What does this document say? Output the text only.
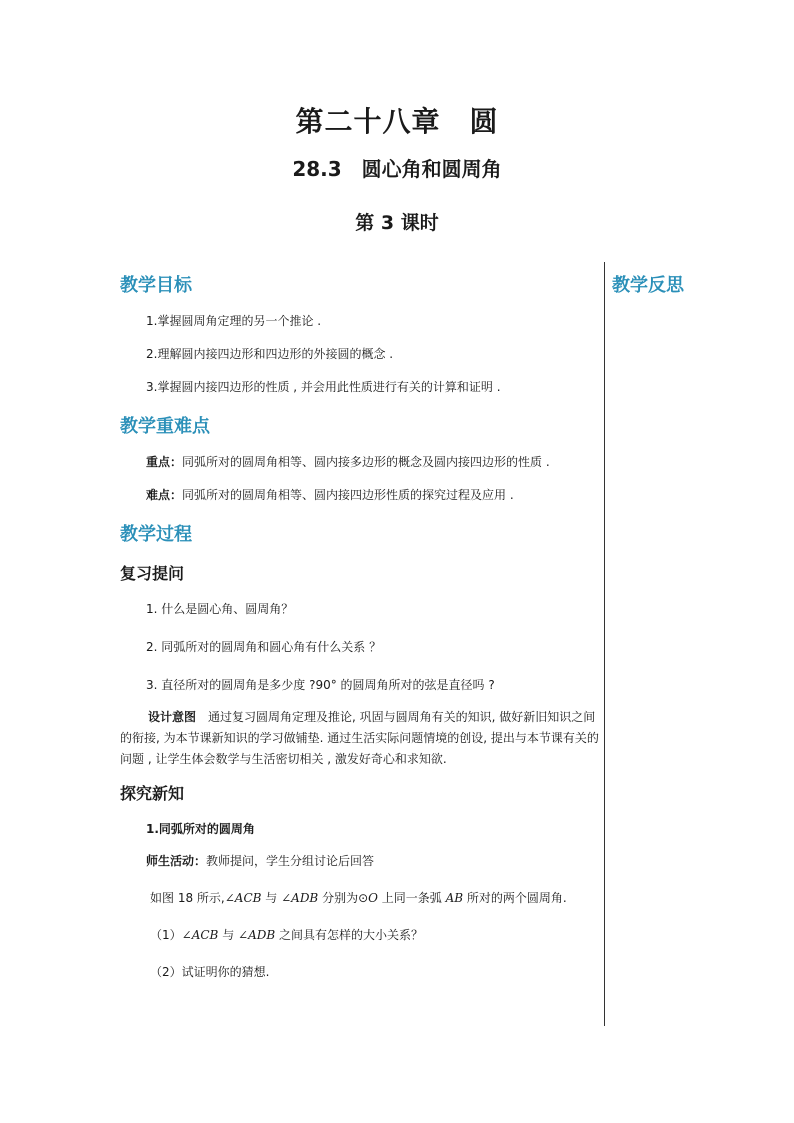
第二十八章　圆
28.3　圆心角和圆周角
第 3 课时
教学反思
教学目标
1.掌握圆周角定理的另一个推论 .
2.理解圆内接四边形和四边形的外接圆的概念 .
3.掌握圆内接四边形的性质 , 并会用此性质进行有关的计算和证明 .
教学重难点
重点：同弧所对的圆周角相等、圆内接多边形的概念及圆内接四边形的性质 .
难点：同弧所对的圆周角相等、圆内接四边形性质的探究过程及应用 .
教学过程
复习提问
1. 什么是圆心角、圆周角？
2. 同弧所对的圆周角和圆心角有什么关系 ？
3. 直径所对的圆周角是多少度 ?90° 的圆周角所对的弦是直径吗 ?
设计意图　 通过复习圆周角定理及推论, 巩固与圆周角有关的知识, 做好新旧知识之间的衔接, 为本节课新知识的学习做铺垫. 通过生活实际问题情境的创设, 提出与本节课有关的问题 , 让学生体会数学与生活密切相关 , 激发好奇心和求知欲.
探究新知
1.同弧所对的圆周角
师生活动：教师提问，学生分组讨论后回答
如图 18 所示,∠ACB 与 ∠ADB 分别为⊙O 上同一条弧 AB 所对的两个圆周角.
（1）∠ACB 与 ∠ADB 之间具有怎样的大小关系？
（2）试证明你的猜想.
